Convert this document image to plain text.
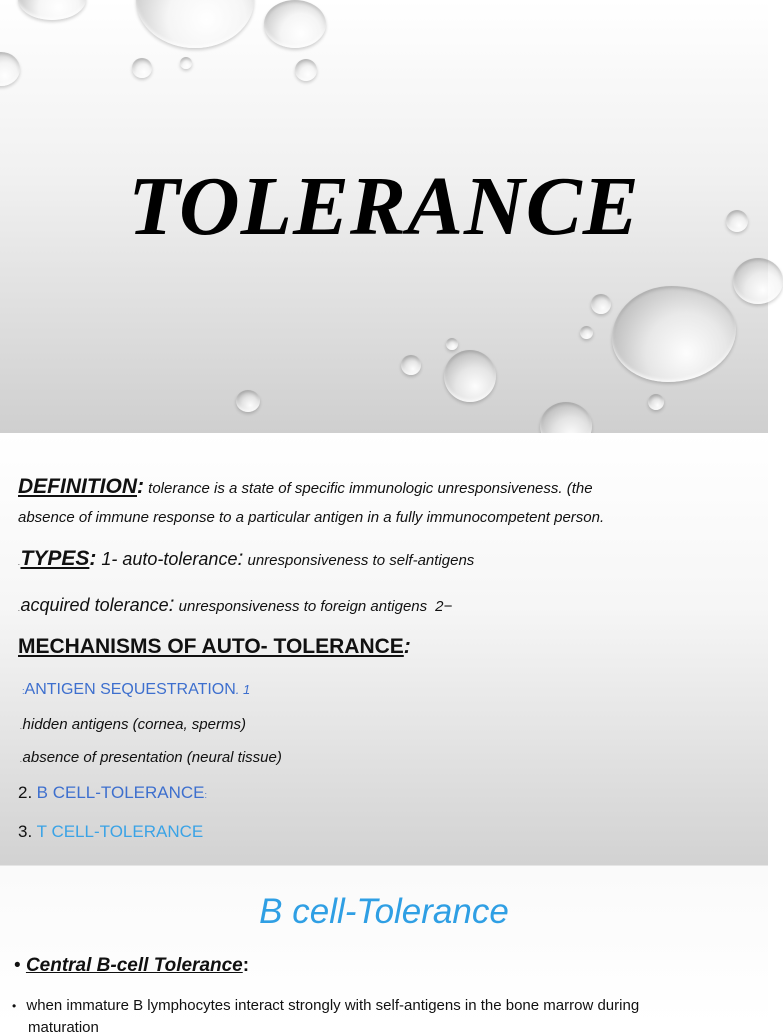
TOLERANCE
DEFINITION: tolerance is a state of specific immunologic unresponsiveness. (the
absence of immune response to a particular antigen in a fully immunocompetent person.
.TYPES: 1- auto-tolerance: unresponsiveness to self-antigens
.acquired tolerance: unresponsiveness to foreign antigens 2−
MECHANISMS OF AUTO- TOLERANCE:
:ANTIGEN SEQUESTRATION. 1
.hidden antigens (cornea, sperms)
.absence of presentation (neural tissue)
2. B CELL-TOLERANCE:
3. T CELL-TOLERANCE
B cell-Tolerance
• Central B-cell Tolerance:
• when immature B lymphocytes interact strongly with self-antigens in the bone marrow during
maturation
